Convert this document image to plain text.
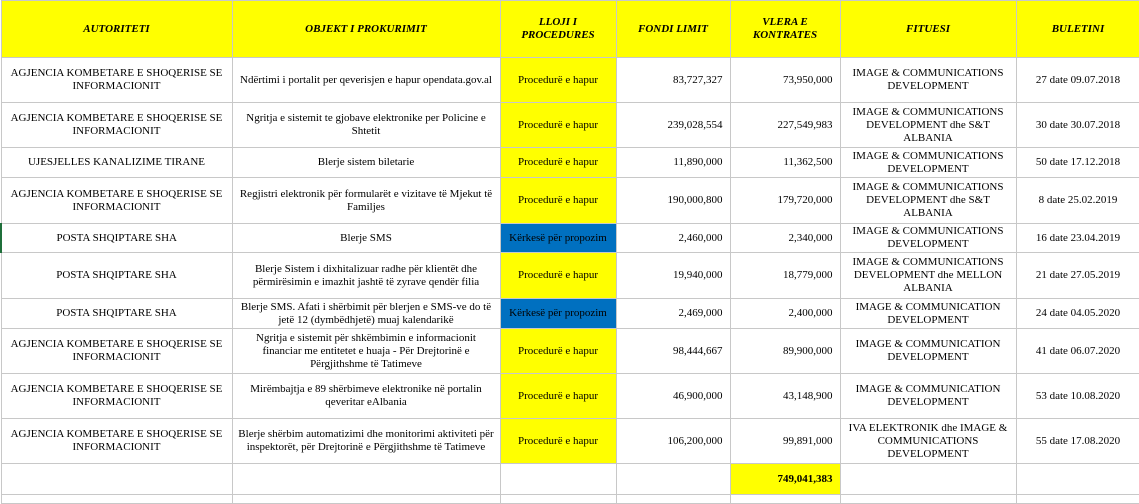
AUTORITETI	OBJEKT I PROKURIMIT	LLOJI I PROCEDURES	FONDI LIMIT	VLERA E KONTRATES	FITUESI	BULETINI
AGJENCIA KOMBETARE E SHOQERISE SE INFORMACIONIT	Ndërtimi i portalit per qeverisjen e hapur opendata.gov.al	Procedurë e hapur	83,727,327	73,950,000	IMAGE & COMMUNICATIONS DEVELOPMENT	27 date 09.07.2018
AGJENCIA KOMBETARE E SHOQERISE SE INFORMACIONIT	Ngritja e sistemit te gjobave elektronike per Policine e Shtetit	Procedurë e hapur	239,028,554	227,549,983	IMAGE & COMMUNICATIONS DEVELOPMENT dhe S&T ALBANIA	30 date 30.07.2018
UJESJELLES KANALIZIME TIRANE	Blerje sistem biletarie	Procedurë e hapur	11,890,000	11,362,500	IMAGE & COMMUNICATIONS DEVELOPMENT	50 date 17.12.2018
AGJENCIA KOMBETARE E SHOQERISE SE INFORMACIONIT	Regjistri elektronik për formularët e vizitave të Mjekut të Familjes	Procedurë e hapur	190,000,800	179,720,000	IMAGE & COMMUNICATIONS DEVELOPMENT dhe S&T ALBANIA	8 date 25.02.2019
POSTA SHQIPTARE SHA	Blerje SMS	Kërkesë për propozim	2,460,000	2,340,000	IMAGE & COMMUNICATIONS DEVELOPMENT	16 date 23.04.2019
POSTA SHQIPTARE SHA	Blerje Sistem i dixhitalizuar radhe për klientët dhe përmirësimin e imazhit jashtë të zyrave qendër filia	Procedurë e hapur	19,940,000	18,779,000	IMAGE & COMMUNICATIONS DEVELOPMENT dhe MELLON ALBANIA	21 date 27.05.2019
POSTA SHQIPTARE SHA	Blerje SMS. Afati i shërbimit për blerjen e SMS-ve do të jetë 12 (dymbëdhjetë) muaj kalendarikë	Kërkesë për propozim	2,469,000	2,400,000	IMAGE & COMMUNICATION DEVELOPMENT	24 date 04.05.2020
AGJENCIA KOMBETARE E SHOQERISE SE INFORMACIONIT	Ngritja e sistemit për shkëmbimin e informacionit financiar me entitetet e huaja - Për Drejtorinë e Përgjithshme të Tatimeve	Procedurë e hapur	98,444,667	89,900,000	IMAGE & COMMUNICATION DEVELOPMENT	41 date 06.07.2020
AGJENCIA KOMBETARE E SHOQERISE SE INFORMACIONIT	Mirëmbajtja e 89 shërbimeve elektronike në portalin qeveritar eAlbania	Procedurë e hapur	46,900,000	43,148,900	IMAGE & COMMUNICATION DEVELOPMENT	53 date 10.08.2020
AGJENCIA KOMBETARE E SHOQERISE SE INFORMACIONIT	Blerje shërbim automatizimi dhe monitorimi aktiviteti për inspektorët, për Drejtorinë e Përgjithshme të Tatimeve	Procedurë e hapur	106,200,000	99,891,000	IVA ELEKTRONIK dhe IMAGE & COMMUNICATIONS DEVELOPMENT	55 date 17.08.2020
				749,041,383		
